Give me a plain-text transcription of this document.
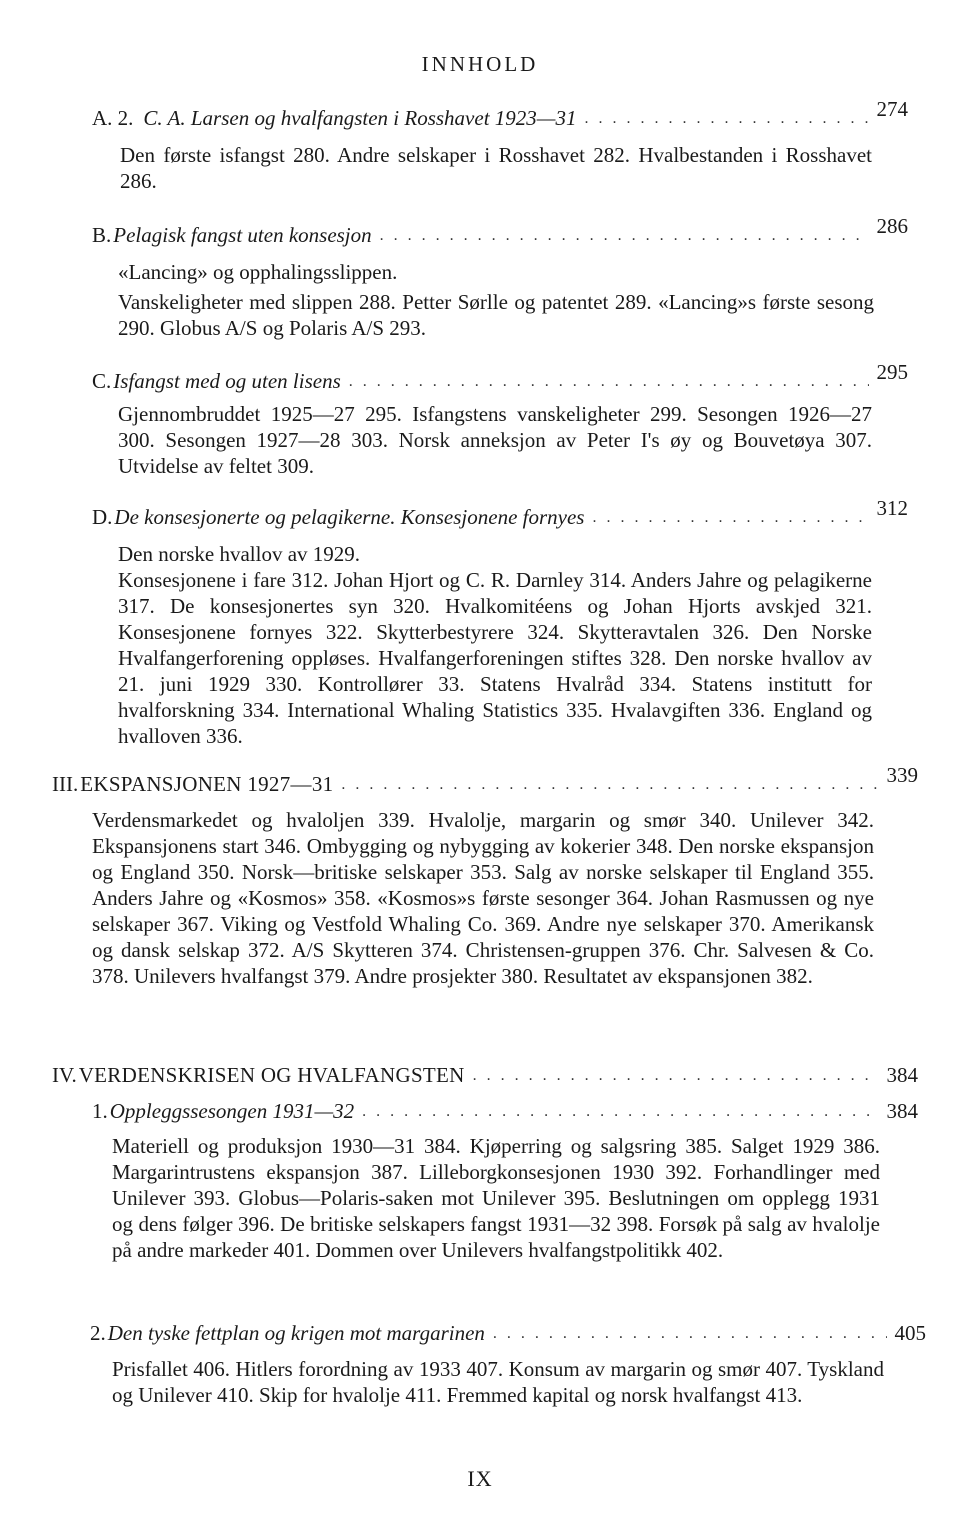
INNHOLD
A. 2. C. A. Larsen og hvalfangsten i Rosshavet 1923—31 . . .	274
Den første isfangst 280. Andre selskaper i Rosshavet 282. Hvalbestanden i Rosshavet 286.
B. Pelagisk fangst uten konsesjon . . .	286
«Lancing» og opphalingsslippen.
Vanskeligheter med slippen 288. Petter Sørlle og patentet 289. «Lancing»s første sesong 290. Globus A/S og Polaris A/S 293.
C. Isfangst med og uten lisens . . .	295
Gjennombruddet 1925—27 295. Isfangstens vanskeligheter 299. Sesongen 1926—27 300. Sesongen 1927—28 303. Norsk anneksjon av Peter I's øy og Bouvetøya 307. Utvidelse av feltet 309.
D. De konsesjonerte og pelagikerne. Konsesjonene fornyes . . .	312
Den norske hvallov av 1929.
Konsesjonene i fare 312. Johan Hjort og C. R. Darnley 314. Anders Jahre og pelagikerne 317. De konsesjonertes syn 320. Hvalkomitéens og Johan Hjorts avskjed 321. Konsesjonene fornyes 322. Skytterbestyrere 324. Skytteravtalen 326. Den Norske Hvalfangerforening oppløses. Hvalfangerforeningen stiftes 328. Den norske hvallov av 21. juni 1929 330. Kontrollører 33. Statens Hvalråd 334. Statens institutt for hvalforskning 334. International Whaling Statistics 335. Hvalavgiften 336. England og hvalloven 336.
III. EKSPANSJONEN 1927—31 . . .	339
Verdensmarkedet og hvaloljen 339. Hvalolje, margarin og smør 340. Unilever 342. Ekspansjonens start 346. Ombygging og nybygging av kokerier 348. Den norske ekspansjon og England 350. Norsk—britiske selskaper 353. Salg av norske selskaper til England 355. Anders Jahre og «Kosmos» 358. «Kosmos»s første sesonger 364. Johan Rasmussen og nye selskaper 367. Viking og Vestfold Whaling Co. 369. Andre nye selskaper 370. Amerikansk og dansk selskap 372. A/S Skytteren 374. Christensen-gruppen 376. Chr. Salvesen & Co. 378. Unilevers hvalfangst 379. Andre prosjekter 380. Resultatet av ekspansjonen 382.
IV. VERDENSKRISEN OG HVALFANGSTEN . . .	384
1. Oppleggssesongen 1931—32 . . .	384
Materiell og produksjon 1930—31 384. Kjøperring og salgsring 385. Salget 1929 386. Margarintrustens ekspansjon 387. Lilleborgkonsesjonen 1930 392. Forhandlinger med Unilever 393. Globus—Polaris-saken mot Unilever 395. Beslutningen om opplegg 1931 og dens følger 396. De britiske selskapers fangst 1931—32 398. Forsøk på salg av hvalolje på andre markeder 401. Dommen over Unilevers hvalfangstpolitikk 402.
2. Den tyske fettplan og krigen mot margarinen . . .	405
Prisfallet 406. Hitlers forordning av 1933 407. Konsum av margarin og smør 407. Tyskland og Unilever 410. Skip for hvalolje 411. Fremmed kapital og norsk hvalfangst 413.
IX
